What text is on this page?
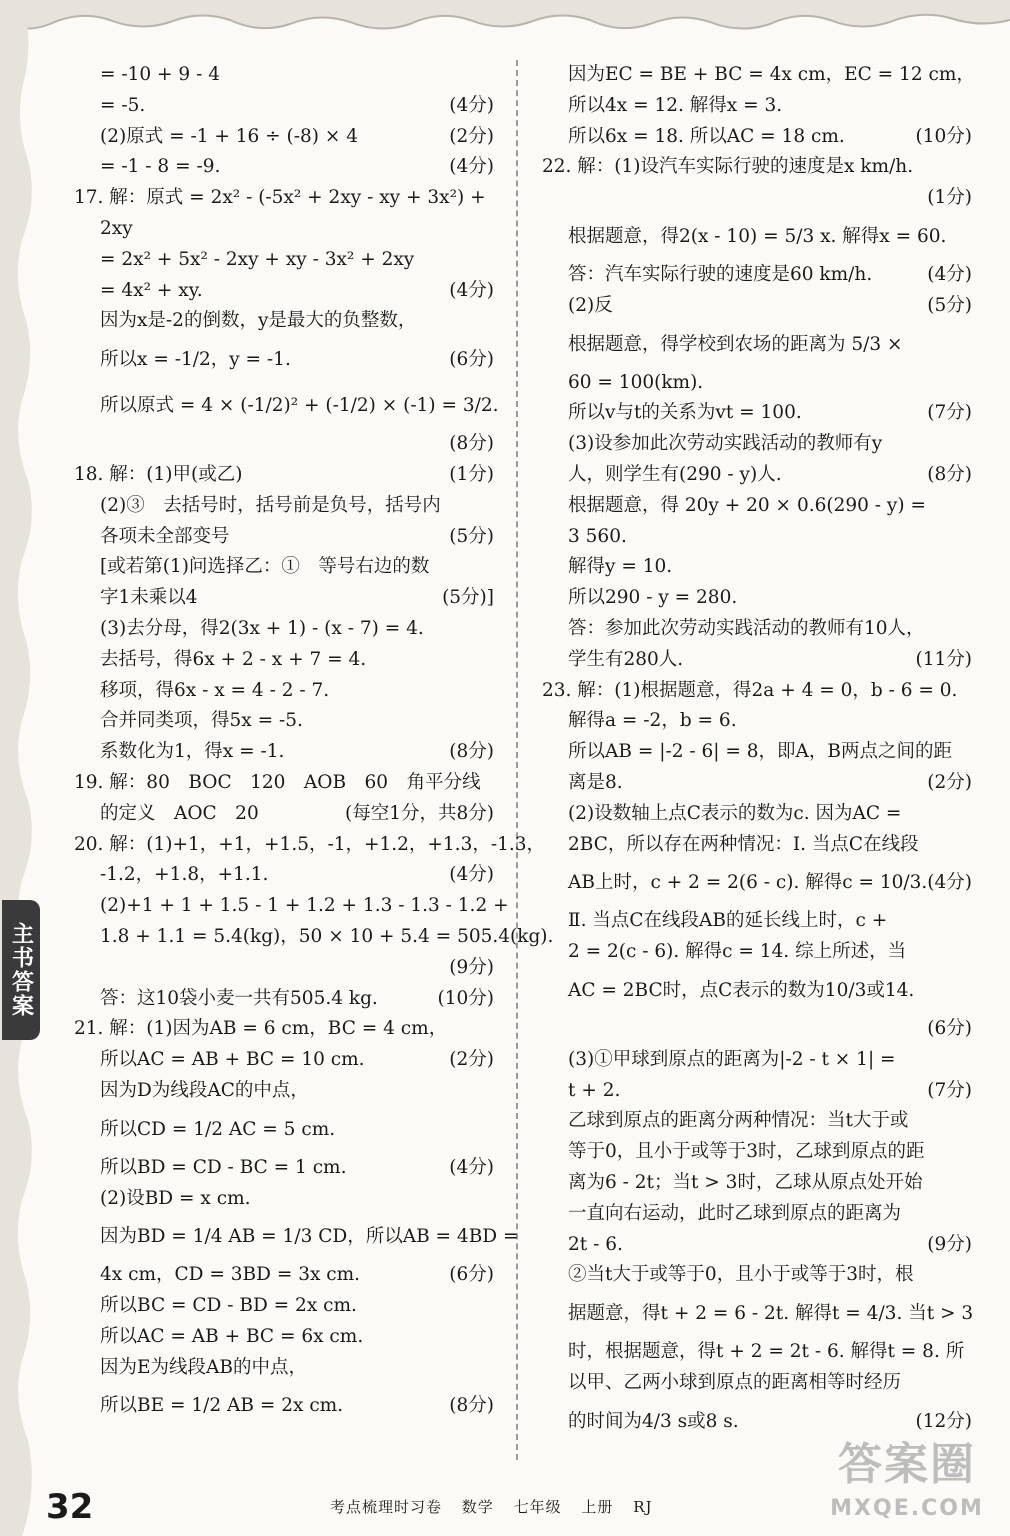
= -10 + 9 - 4
= -5.	(4分)
(2)原式 = -1 + 16 ÷ (-8) × 4	(2分)
= -1 - 8 = -9.	(4分)
17. 解：原式 = 2x² - (-5x² + 2xy - xy + 3x²) +
2xy
= 2x² + 5x² - 2xy + xy - 3x² + 2xy
= 4x² + xy.	(4分)
因为x是-2的倒数，y是最大的负整数，
所以x = -1/2，y = -1.	(6分)
所以原式 = 4 × (-1/2)² + (-1/2) × (-1) = 3/2.
(8分)
18. 解：(1)甲(或乙)	(1分)
(2)③　去括号时，括号前是负号，括号内
各项未全部变号	(5分)
[或若第(1)问选择乙：①　等号右边的数
字1未乘以4	(5分)]
(3)去分母，得2(3x + 1) - (x - 7) = 4.
去括号，得6x + 2 - x + 7 = 4.
移项，得6x - x = 4 - 2 - 7.
合并同类项，得5x = -5.
系数化为1，得x = -1.	(8分)
19. 解：80　BOC　120　AOB　60　角平分线
的定义　AOC　20	(每空1分，共8分)
20. 解：(1)+1，+1，+1.5，-1，+1.2，+1.3，-1.3，
-1.2，+1.8，+1.1.	(4分)
(2)+1 + 1 + 1.5 - 1 + 1.2 + 1.3 - 1.3 - 1.2 +
1.8 + 1.1 = 5.4(kg)，50 × 10 + 5.4 = 505.4(kg).
(9分)
答：这10袋小麦一共有505.4 kg.	(10分)
21. 解：(1)因为AB = 6 cm，BC = 4 cm，
所以AC = AB + BC = 10 cm.	(2分)
因为D为线段AC的中点，
所以CD = 1/2 AC = 5 cm.
所以BD = CD - BC = 1 cm.	(4分)
(2)设BD = x cm.
因为BD = 1/4 AB = 1/3 CD，所以AB = 4BD =
4x cm，CD = 3BD = 3x cm.	(6分)
所以BC = CD - BD = 2x cm.
所以AC = AB + BC = 6x cm.
因为E为线段AB的中点，
所以BE = 1/2 AB = 2x cm.	(8分)
因为EC = BE + BC = 4x cm，EC = 12 cm，
所以4x = 12. 解得x = 3.
所以6x = 18. 所以AC = 18 cm.	(10分)
22. 解：(1)设汽车实际行驶的速度是x km/h.
(1分)
根据题意，得2(x - 10) = 5/3 x. 解得x = 60.
答：汽车实际行驶的速度是60 km/h.	(4分)
(2)反	(5分)
根据题意，得学校到农场的距离为 5/3 ×
60 = 100(km).
所以v与t的关系为vt = 100.	(7分)
(3)设参加此次劳动实践活动的教师有y
人，则学生有(290 - y)人.	(8分)
根据题意，得 20y + 20 × 0.6(290 - y) =
3 560.
解得y = 10.
所以290 - y = 280.
答：参加此次劳动实践活动的教师有10人，
学生有280人.	(11分)
23. 解：(1)根据题意，得2a + 4 = 0，b - 6 = 0.
解得a = -2，b = 6.
所以AB = |-2 - 6| = 8，即A，B两点之间的距
离是8.	(2分)
(2)设数轴上点C表示的数为c. 因为AC =
2BC，所以存在两种情况：Ⅰ. 当点C在线段
AB上时，c + 2 = 2(6 - c). 解得c = 10/3. (4分)
Ⅱ. 当点C在线段AB的延长线上时，c +
2 = 2(c - 6). 解得c = 14. 综上所述，当
AC = 2BC时，点C表示的数为10/3或14.
(6分)
(3)①甲球到原点的距离为|-2 - t × 1| =
t + 2.	(7分)
乙球到原点的距离分两种情况：当t大于或
等于0，且小于或等于3时，乙球到原点的距
离为6 - 2t；当t > 3时，乙球从原点处开始
一直向右运动，此时乙球到原点的距离为
2t - 6.	(9分)
②当t大于或等于0，且小于或等于3时，根
据题意，得t + 2 = 6 - 2t. 解得t = 4/3. 当t > 3
时，根据题意，得t + 2 = 2t - 6. 解得t = 8. 所
以甲、乙两小球到原点的距离相等时经历
的时间为4/3 s或8 s.	(12分)
主书答案
32	考点梳理时习卷 数学 七年级 上册 RJ
答案圈
MXQE.COM
